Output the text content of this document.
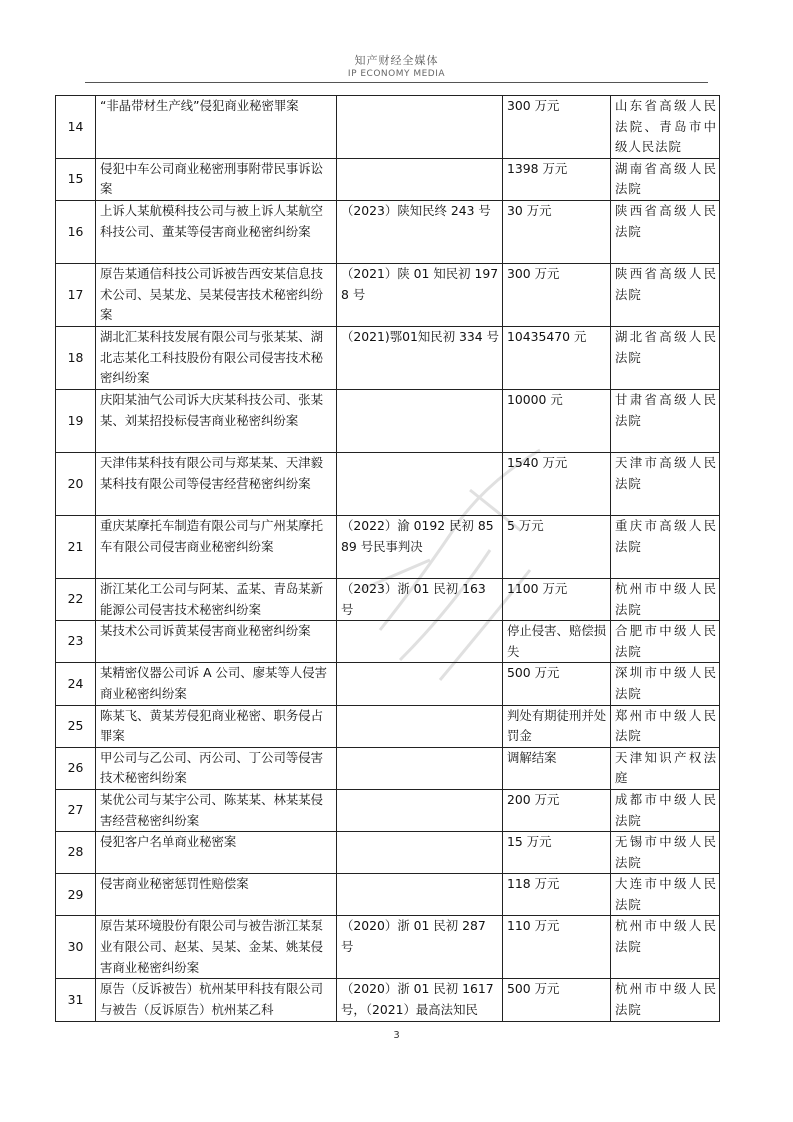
知产财经全媒体
IP ECONOMY MEDIA
14	“非晶带材生产线”侵犯商业秘密罪案		300 万元	山东省高级人民法院、青岛市中级人民法院
15	侵犯中车公司商业秘密刑事附带民事诉讼案		1398 万元	湖南省高级人民法院
16	上诉人某航模科技公司与被上诉人某航空科技公司、董某等侵害商业秘密纠纷案	（2023）陕知民终 243 号	30 万元	陕西省高级人民法院
17	原告某通信科技公司诉被告西安某信息技术公司、吴某龙、吴某侵害技术秘密纠纷案	（2021）陕 01 知民初 1978 号	300 万元	陕西省高级人民法院
18	湖北汇某科技发展有限公司与张某某、湖北志某化工科技股份有限公司侵害技术秘密纠纷案	（2021)鄂01知民初 334 号	10435470 元	湖北省高级人民法院
19	庆阳某油气公司诉大庆某科技公司、张某某、刘某招投标侵害商业秘密纠纷案		10000 元	甘肃省高级人民法院
20	天津伟某科技有限公司与郑某某、天津毅某科技有限公司等侵害经营秘密纠纷案		1540 万元	天津市高级人民法院
21	重庆某摩托车制造有限公司与广州某摩托车有限公司侵害商业秘密纠纷案	（2022）渝 0192 民初 8589 号民事判决	5 万元	重庆市高级人民法院
22	浙江某化工公司与阿某、孟某、青岛某新能源公司侵害技术秘密纠纷案	（2023）浙 01 民初 163 号	1100 万元	杭州市中级人民法院
23	某技术公司诉黄某侵害商业秘密纠纷案		停止侵害、赔偿损失	合肥市中级人民法院
24	某精密仪器公司诉 A 公司、廖某等人侵害商业秘密纠纷案		500 万元	深圳市中级人民法院
25	陈某飞、黄某芳侵犯商业秘密、职务侵占罪案		判处有期徒刑并处罚金	郑州市中级人民法院
26	甲公司与乙公司、丙公司、丁公司等侵害技术秘密纠纷案		调解结案	天津知识产权法庭
27	某优公司与某宇公司、陈某某、林某某侵害经营秘密纠纷案		200 万元	成都市中级人民法院
28	侵犯客户名单商业秘密案		15 万元	无锡市中级人民法院
29	侵害商业秘密惩罚性赔偿案		118 万元	大连市中级人民法院
30	原告某环境股份有限公司与被告浙江某泵业有限公司、赵某、吴某、金某、姚某侵害商业秘密纠纷案	（2020）浙 01 民初 287 号	110 万元	杭州市中级人民法院
31	原告（反诉被告）杭州某甲科技有限公司与被告（反诉原告）杭州某乙科	（2020）浙 01 民初 1617 号，（2021）最高法知民	500 万元	杭州市中级人民法院
3
